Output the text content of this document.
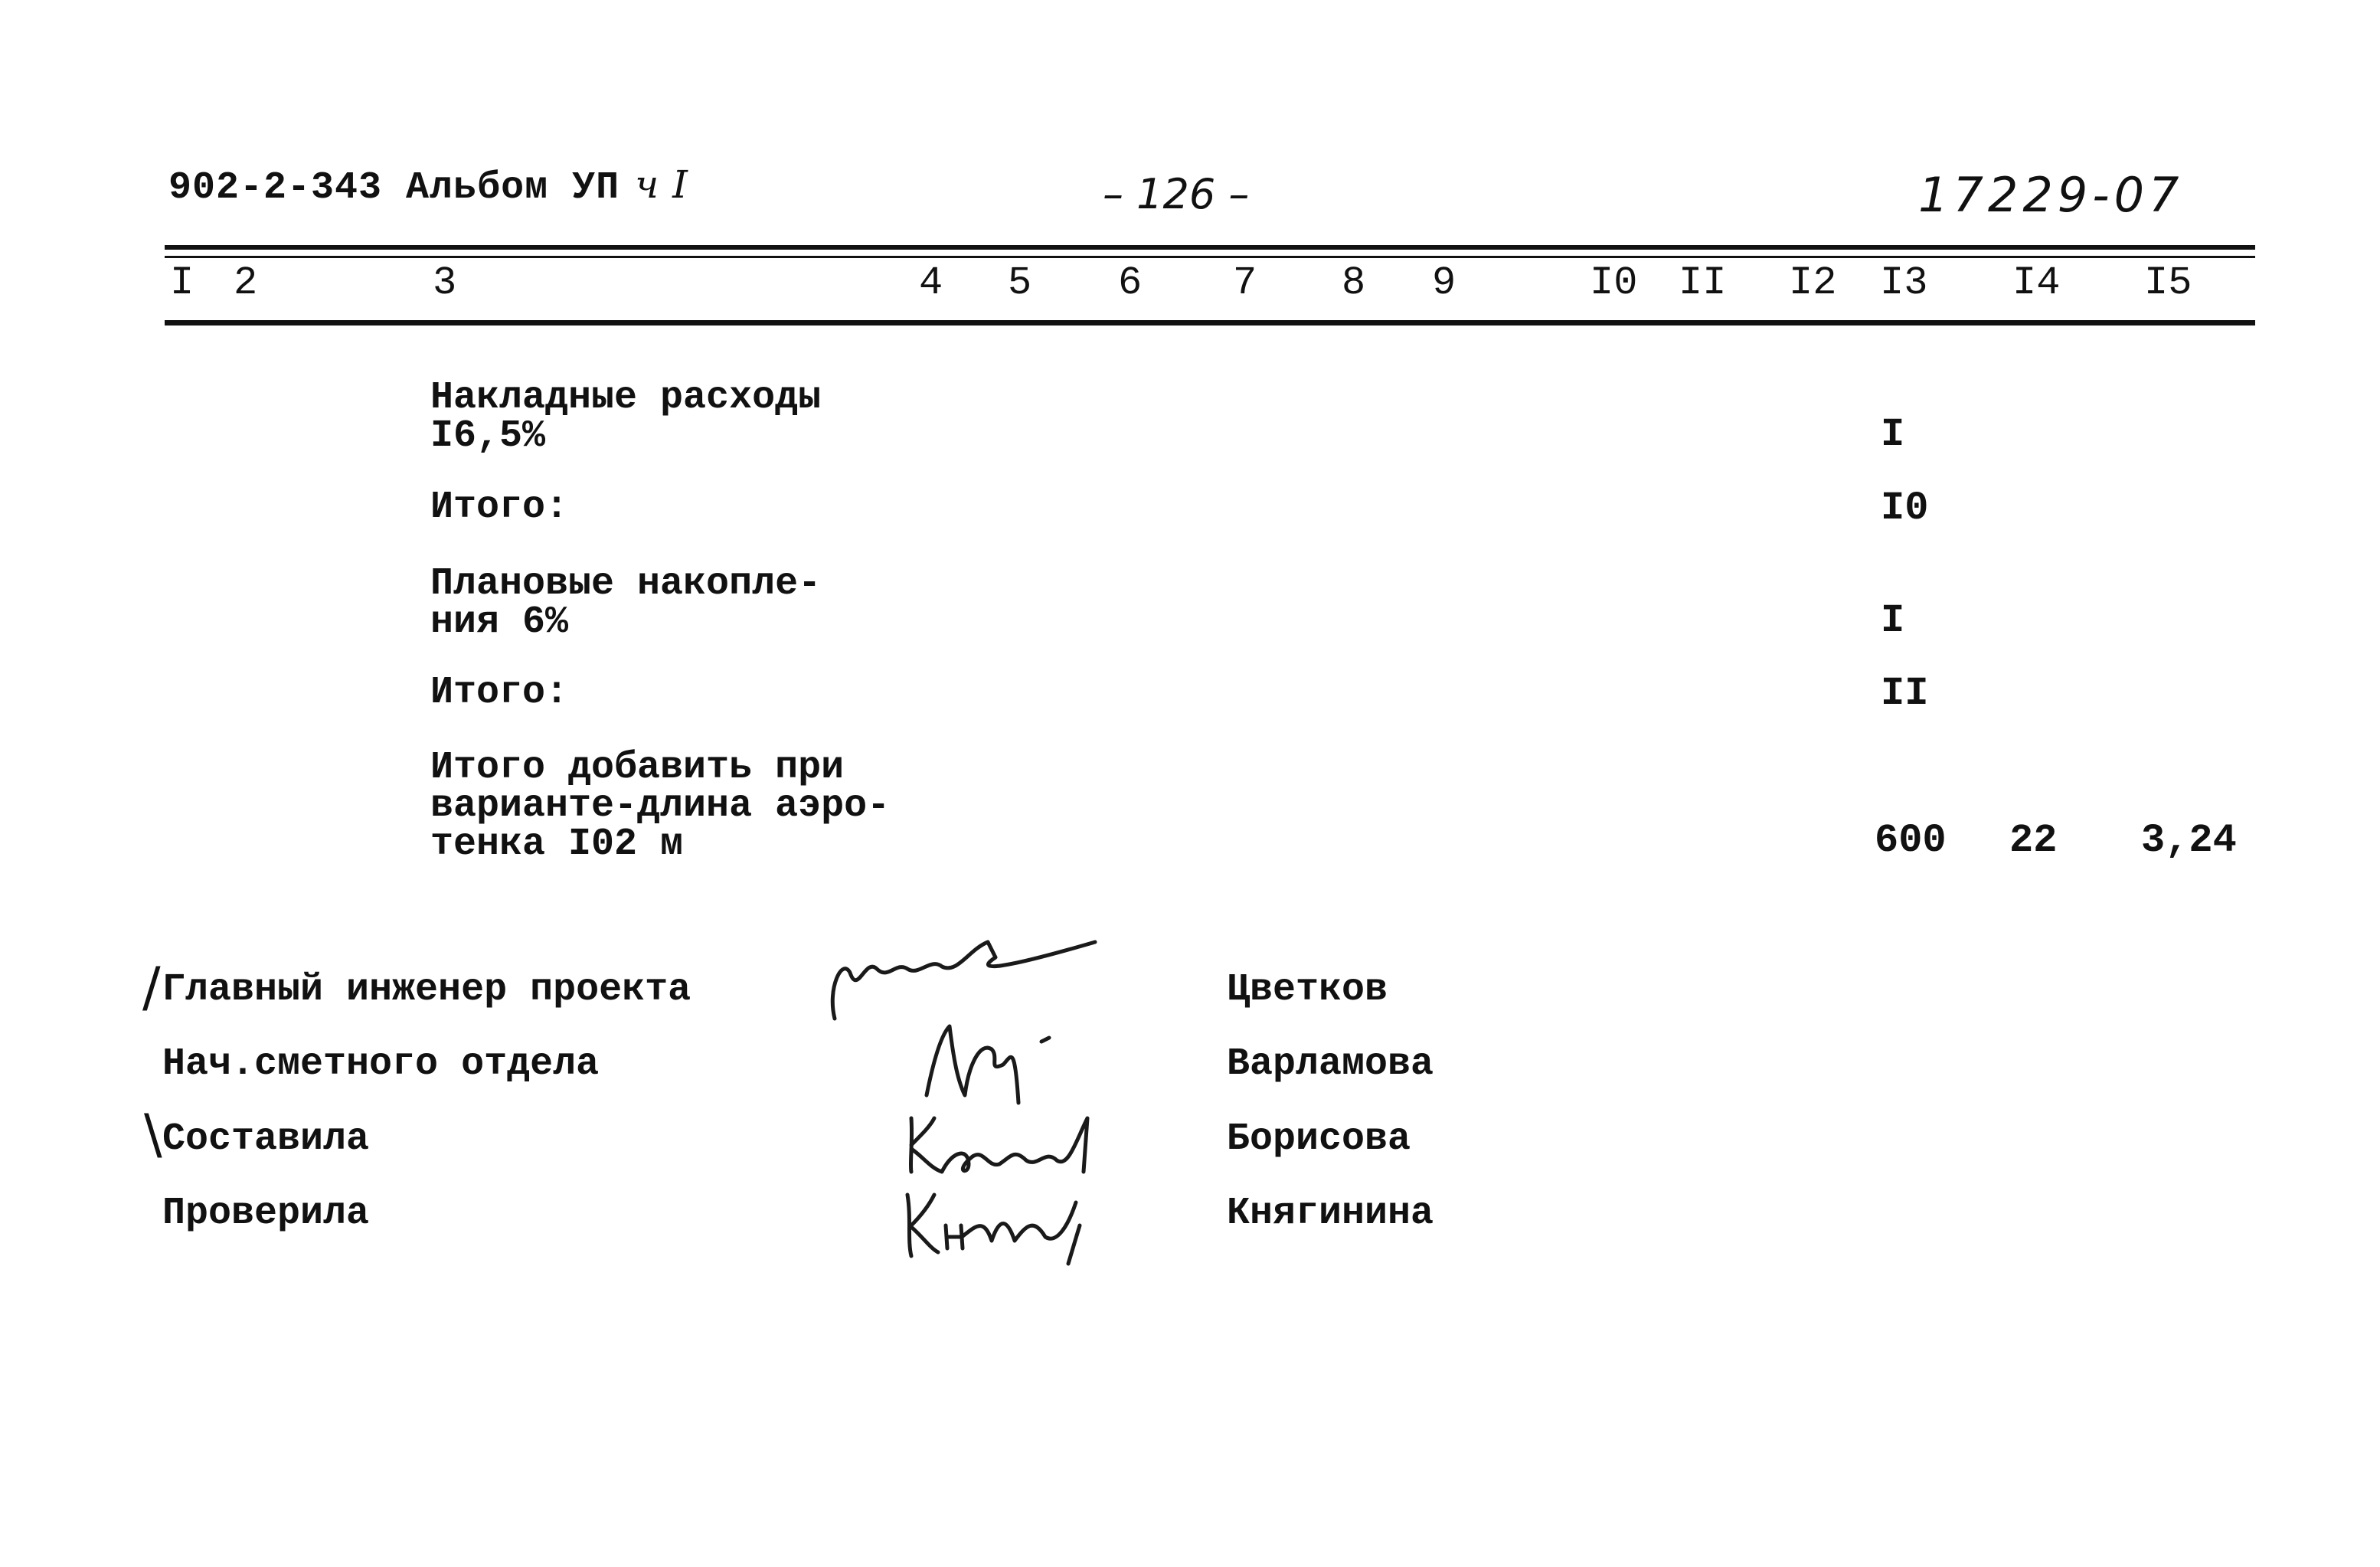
902-2-343 Альбом УП ч I	– 126 –	17229-07
I 2	3	4 5 6 7 8 9	I0 II I2 I3 I4 I5
Накладные расходы
I6,5%	I
Итого:	I0
Плановые накопле-
ния 6%	I
Итого:	II
Итого добавить при
варианте-длина аэро-
тенка I02 м	600 22 3,24
/ Главный инженер проекта	Цветков
Нач.сметного отдела	Варламова
\ Составила	Борисова
Проверила	Княгинина
